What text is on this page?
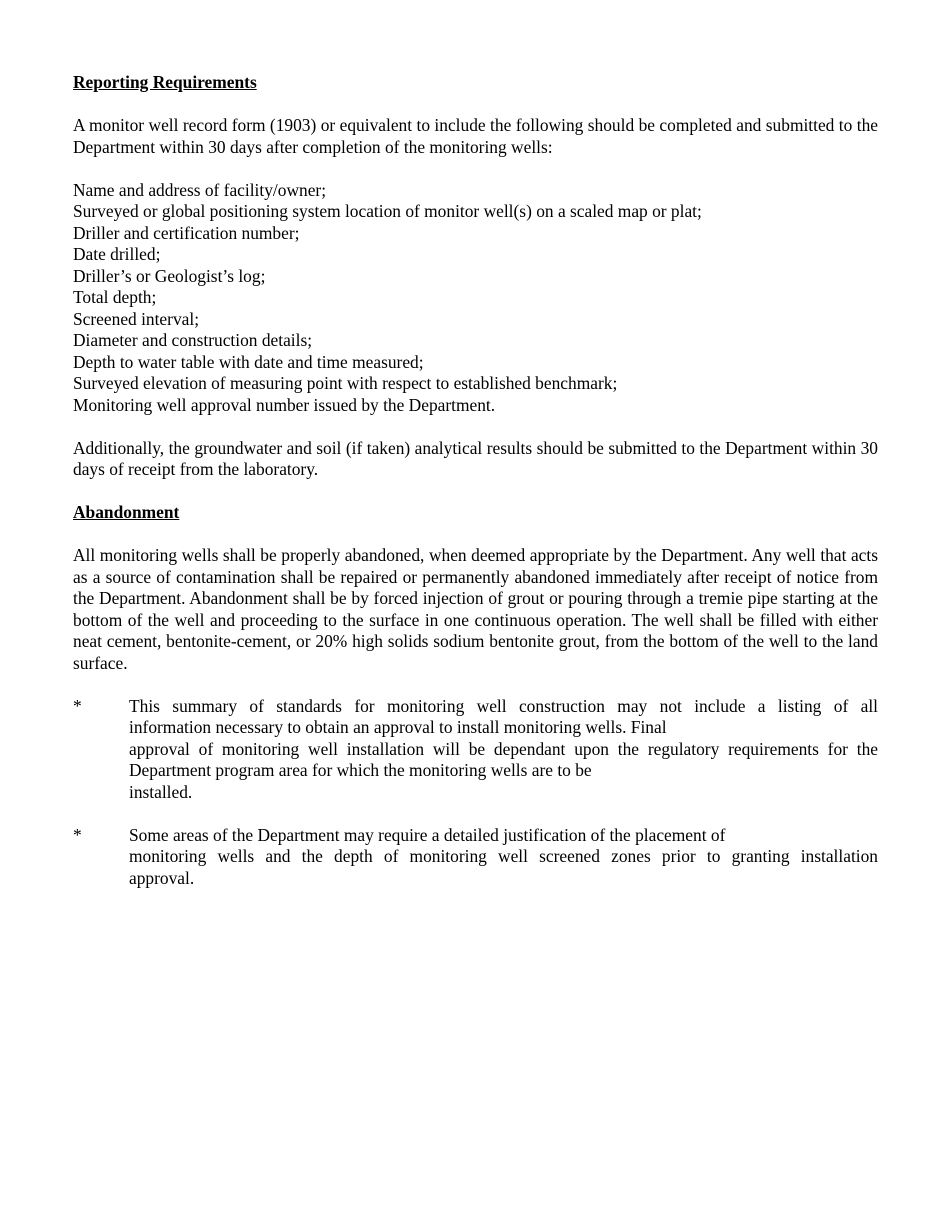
Reporting Requirements

A monitor well record form (1903) or equivalent to include the following should be completed and submitted to the Department within 30 days after completion of the monitoring wells:

Name and address of facility/owner;
Surveyed or global positioning system location of monitor well(s) on a scaled map or plat;
Driller and certification number;
Date drilled;
Driller’s or Geologist’s log;
Total depth;
Screened interval;
Diameter and construction details;
Depth to water table with date and time measured;
Surveyed elevation of measuring point with respect to established benchmark;
Monitoring well approval number issued by the Department.

Additionally, the groundwater and soil (if taken) analytical results should be submitted to the Department within 30 days of receipt from the laboratory.

Abandonment

All monitoring wells shall be properly abandoned, when deemed appropriate by the Department. Any well that acts as a source of contamination shall be repaired or permanently abandoned immediately after receipt of notice from the Department. Abandonment shall be by forced injection of grout or pouring through a tremie pipe starting at the bottom of the well and proceeding to the surface in one continuous operation. The well shall be filled with either neat cement, bentonite-cement, or 20% high solids sodium bentonite grout, from the bottom of the well to the land surface.

*	This summary of standards for monitoring well construction may not include a listing of all
information necessary to obtain an approval to install monitoring wells. Final
approval of monitoring well installation will be dependant upon the regulatory requirements for the
Department program area for which the monitoring wells are to be
installed.
*	Some areas of the Department may require a detailed justification of the placement of
monitoring wells and the depth of monitoring well screened zones prior to granting installation
approval.
